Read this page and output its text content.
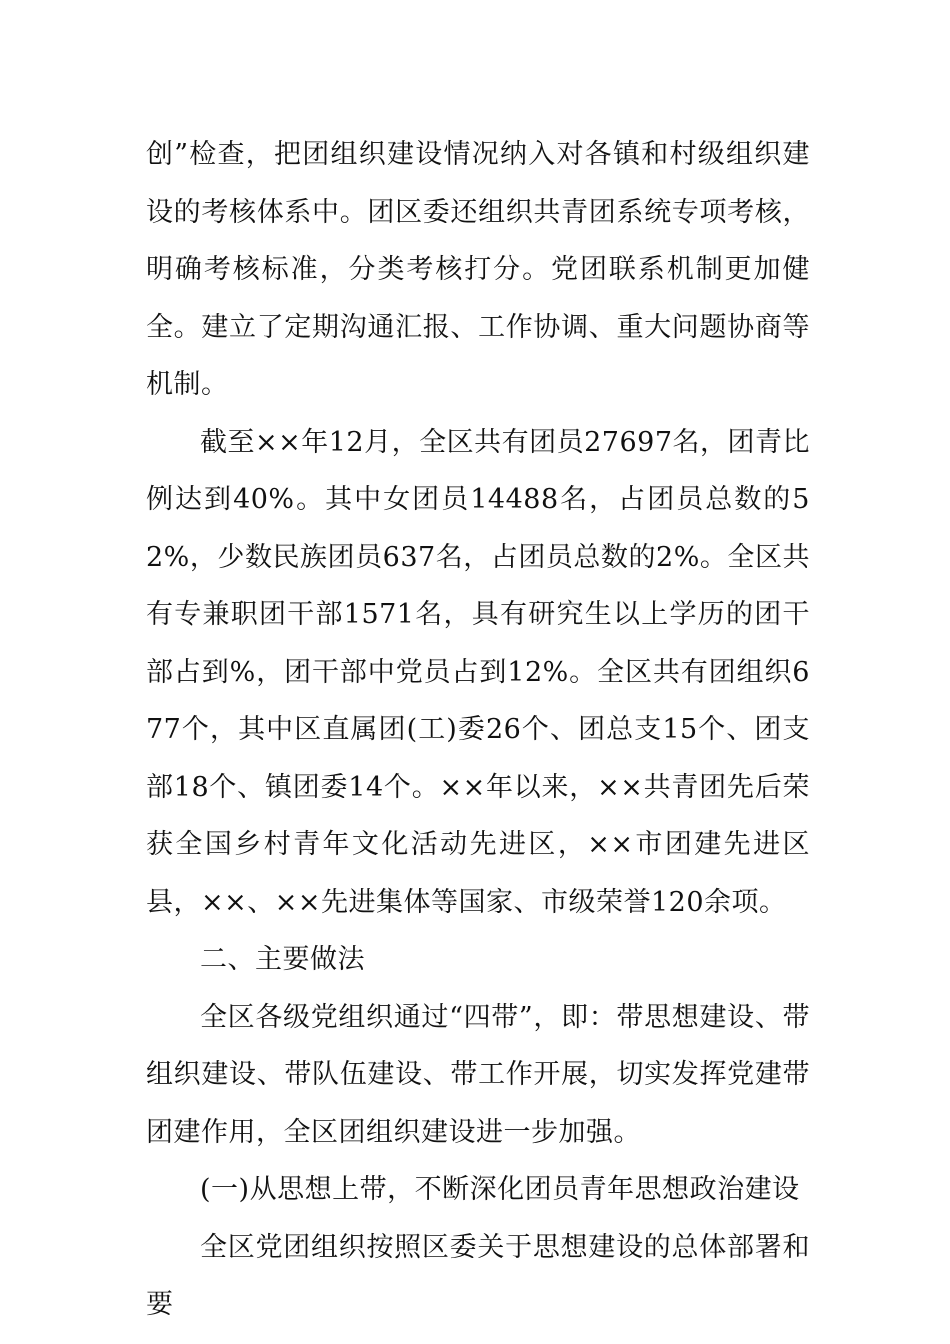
创”检查，把团组织建设情况纳入对各镇和村级组织建设的考核体系中。团区委还组织共青团系统专项考核，明确考核标准，分类考核打分。党团联系机制更加健全。建立了定期沟通汇报、工作协调、重大问题协商等机制。

截至××年12月，全区共有团员27697名，团青比例达到40%。其中女团员14488名，占团员总数的52%，少数民族团员637名，占团员总数的2%。全区共有专兼职团干部1571名，具有研究生以上学历的团干部占到%，团干部中党员占到12%。全区共有团组织677个，其中区直属团(工)委26个、团总支15个、团支部18个、镇团委14个。××年以来，××共青团先后荣获全国乡村青年文化活动先进区，××市团建先进区县，××、××先进集体等国家、市级荣誉120余项。

二、主要做法

全区各级党组织通过“四带”，即：带思想建设、带组织建设、带队伍建设、带工作开展，切实发挥党建带团建作用，全区团组织建设进一步加强。

(一)从思想上带，不断深化团员青年思想政治建设

全区党团组织按照区委关于思想建设的总体部署和要
